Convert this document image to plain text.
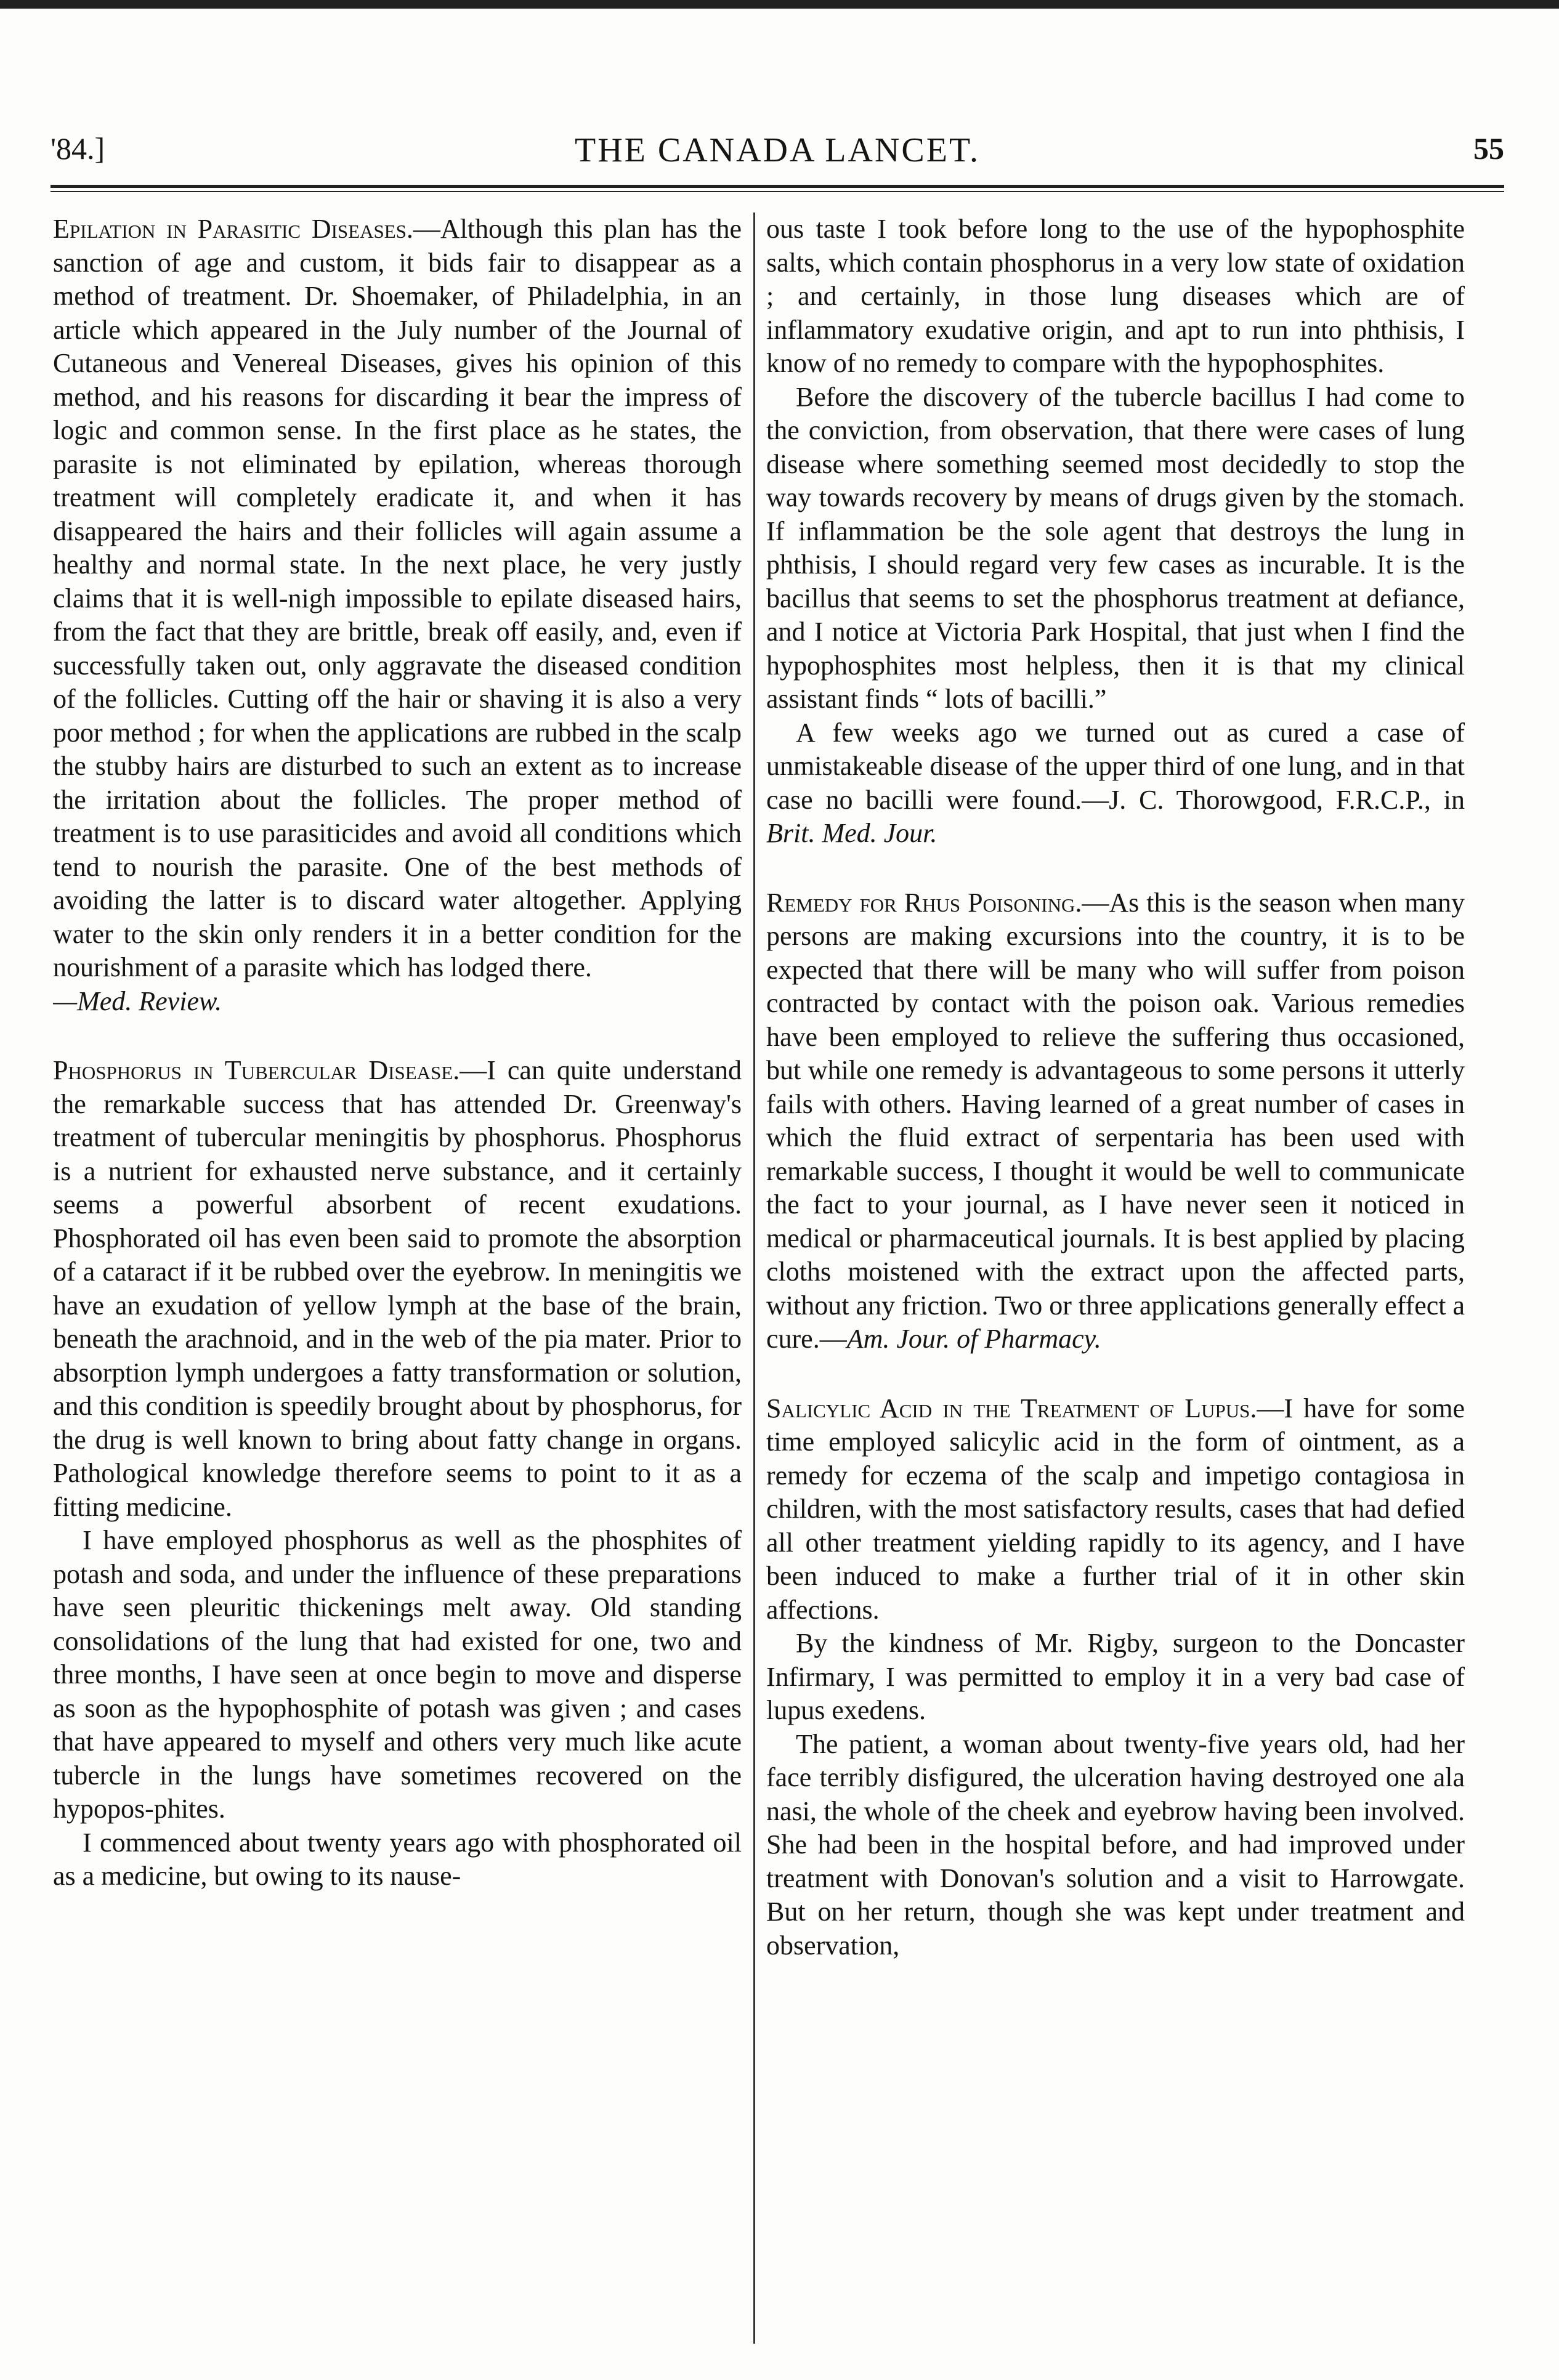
'84.]	THE CANADA LANCET.	55

Epilation in Parasitic Diseases.—Although this plan has the sanction of age and custom, it bids fair to disappear as a method of treatment. Dr. Shoemaker, of Philadelphia, in an article which appeared in the July number of the Journal of Cutaneous and Venereal Diseases, gives his opinion of this method, and his reasons for discarding it bear the impress of logic and common sense. In the first place as he states, the parasite is not eliminated by epilation, whereas thorough treatment will completely eradicate it, and when it has disappeared the hairs and their follicles will again assume a healthy and normal state. In the next place, he very justly claims that it is well-nigh impossible to epilate diseased hairs, from the fact that they are brittle, break off easily, and, even if successfully taken out, only aggravate the diseased condition of the follicles. Cutting off the hair or shaving it is also a very poor method ; for when the applications are rubbed in the scalp the stubby hairs are disturbed to such an extent as to increase the irritation about the follicles. The proper method of treatment is to use parasiticides and avoid all conditions which tend to nourish the parasite. One of the best methods of avoiding the latter is to discard water altogether. Applying water to the skin only renders it in a better condition for the nourishment of a parasite which has lodged there.

—Med. Review.

Phosphorus in Tubercular Disease.—I can quite understand the remarkable success that has attended Dr. Greenway's treatment of tubercular meningitis by phosphorus. Phosphorus is a nutrient for exhausted nerve substance, and it certainly seems a powerful absorbent of recent exudations. Phosphorated oil has even been said to promote the absorption of a cataract if it be rubbed over the eyebrow. In meningitis we have an exudation of yellow lymph at the base of the brain, beneath the arachnoid, and in the web of the pia mater. Prior to absorption lymph undergoes a fatty transformation or solution, and this condition is speedily brought about by phosphorus, for the drug is well known to bring about fatty change in organs. Pathological knowledge therefore seems to point to it as a fitting medicine.

I have employed phosphorus as well as the phosphites of potash and soda, and under the influence of these preparations have seen pleuritic thickenings melt away. Old standing consolidations of the lung that had existed for one, two and three months, I have seen at once begin to move and disperse as soon as the hypophosphite of potash was given ; and cases that have appeared to myself and others very much like acute tubercle in the lungs have sometimes recovered on the hypopos-phites.

I commenced about twenty years ago with phosphorated oil as a medicine, but owing to its nause-

ous taste I took before long to the use of the hypophosphite salts, which contain phosphorus in a very low state of oxidation ; and certainly, in those lung diseases which are of inflammatory exudative origin, and apt to run into phthisis, I know of no remedy to compare with the hypophosphites.

Before the discovery of the tubercle bacillus I had come to the conviction, from observation, that there were cases of lung disease where something seemed most decidedly to stop the way towards recovery by means of drugs given by the stomach. If inflammation be the sole agent that destroys the lung in phthisis, I should regard very few cases as incurable. It is the bacillus that seems to set the phosphorus treatment at defiance, and I notice at Victoria Park Hospital, that just when I find the hypophosphites most helpless, then it is that my clinical assistant finds “ lots of bacilli.”

A few weeks ago we turned out as cured a case of unmistakeable disease of the upper third of one lung, and in that case no bacilli were found.—J. C. Thorowgood, F.R.C.P., in Brit. Med. Jour.

Remedy for Rhus Poisoning.—As this is the season when many persons are making excursions into the country, it is to be expected that there will be many who will suffer from poison contracted by contact with the poison oak. Various remedies have been employed to relieve the suffering thus occasioned, but while one remedy is advantageous to some persons it utterly fails with others. Having learned of a great number of cases in which the fluid extract of serpentaria has been used with remarkable success, I thought it would be well to communicate the fact to your journal, as I have never seen it noticed in medical or pharmaceutical journals. It is best applied by placing cloths moistened with the extract upon the affected parts, without any friction. Two or three applications generally effect a cure.—Am. Jour. of Pharmacy.

Salicylic Acid in the Treatment of Lupus.—I have for some time employed salicylic acid in the form of ointment, as a remedy for eczema of the scalp and impetigo contagiosa in children, with the most satisfactory results, cases that had defied all other treatment yielding rapidly to its agency, and I have been induced to make a further trial of it in other skin affections.

By the kindness of Mr. Rigby, surgeon to the Doncaster Infirmary, I was permitted to employ it in a very bad case of lupus exedens.

The patient, a woman about twenty-five years old, had her face terribly disfigured, the ulceration having destroyed one ala nasi, the whole of the cheek and eyebrow having been involved. She had been in the hospital before, and had improved under treatment with Donovan's solution and a visit to Harrowgate. But on her return, though she was kept under treatment and observation,
